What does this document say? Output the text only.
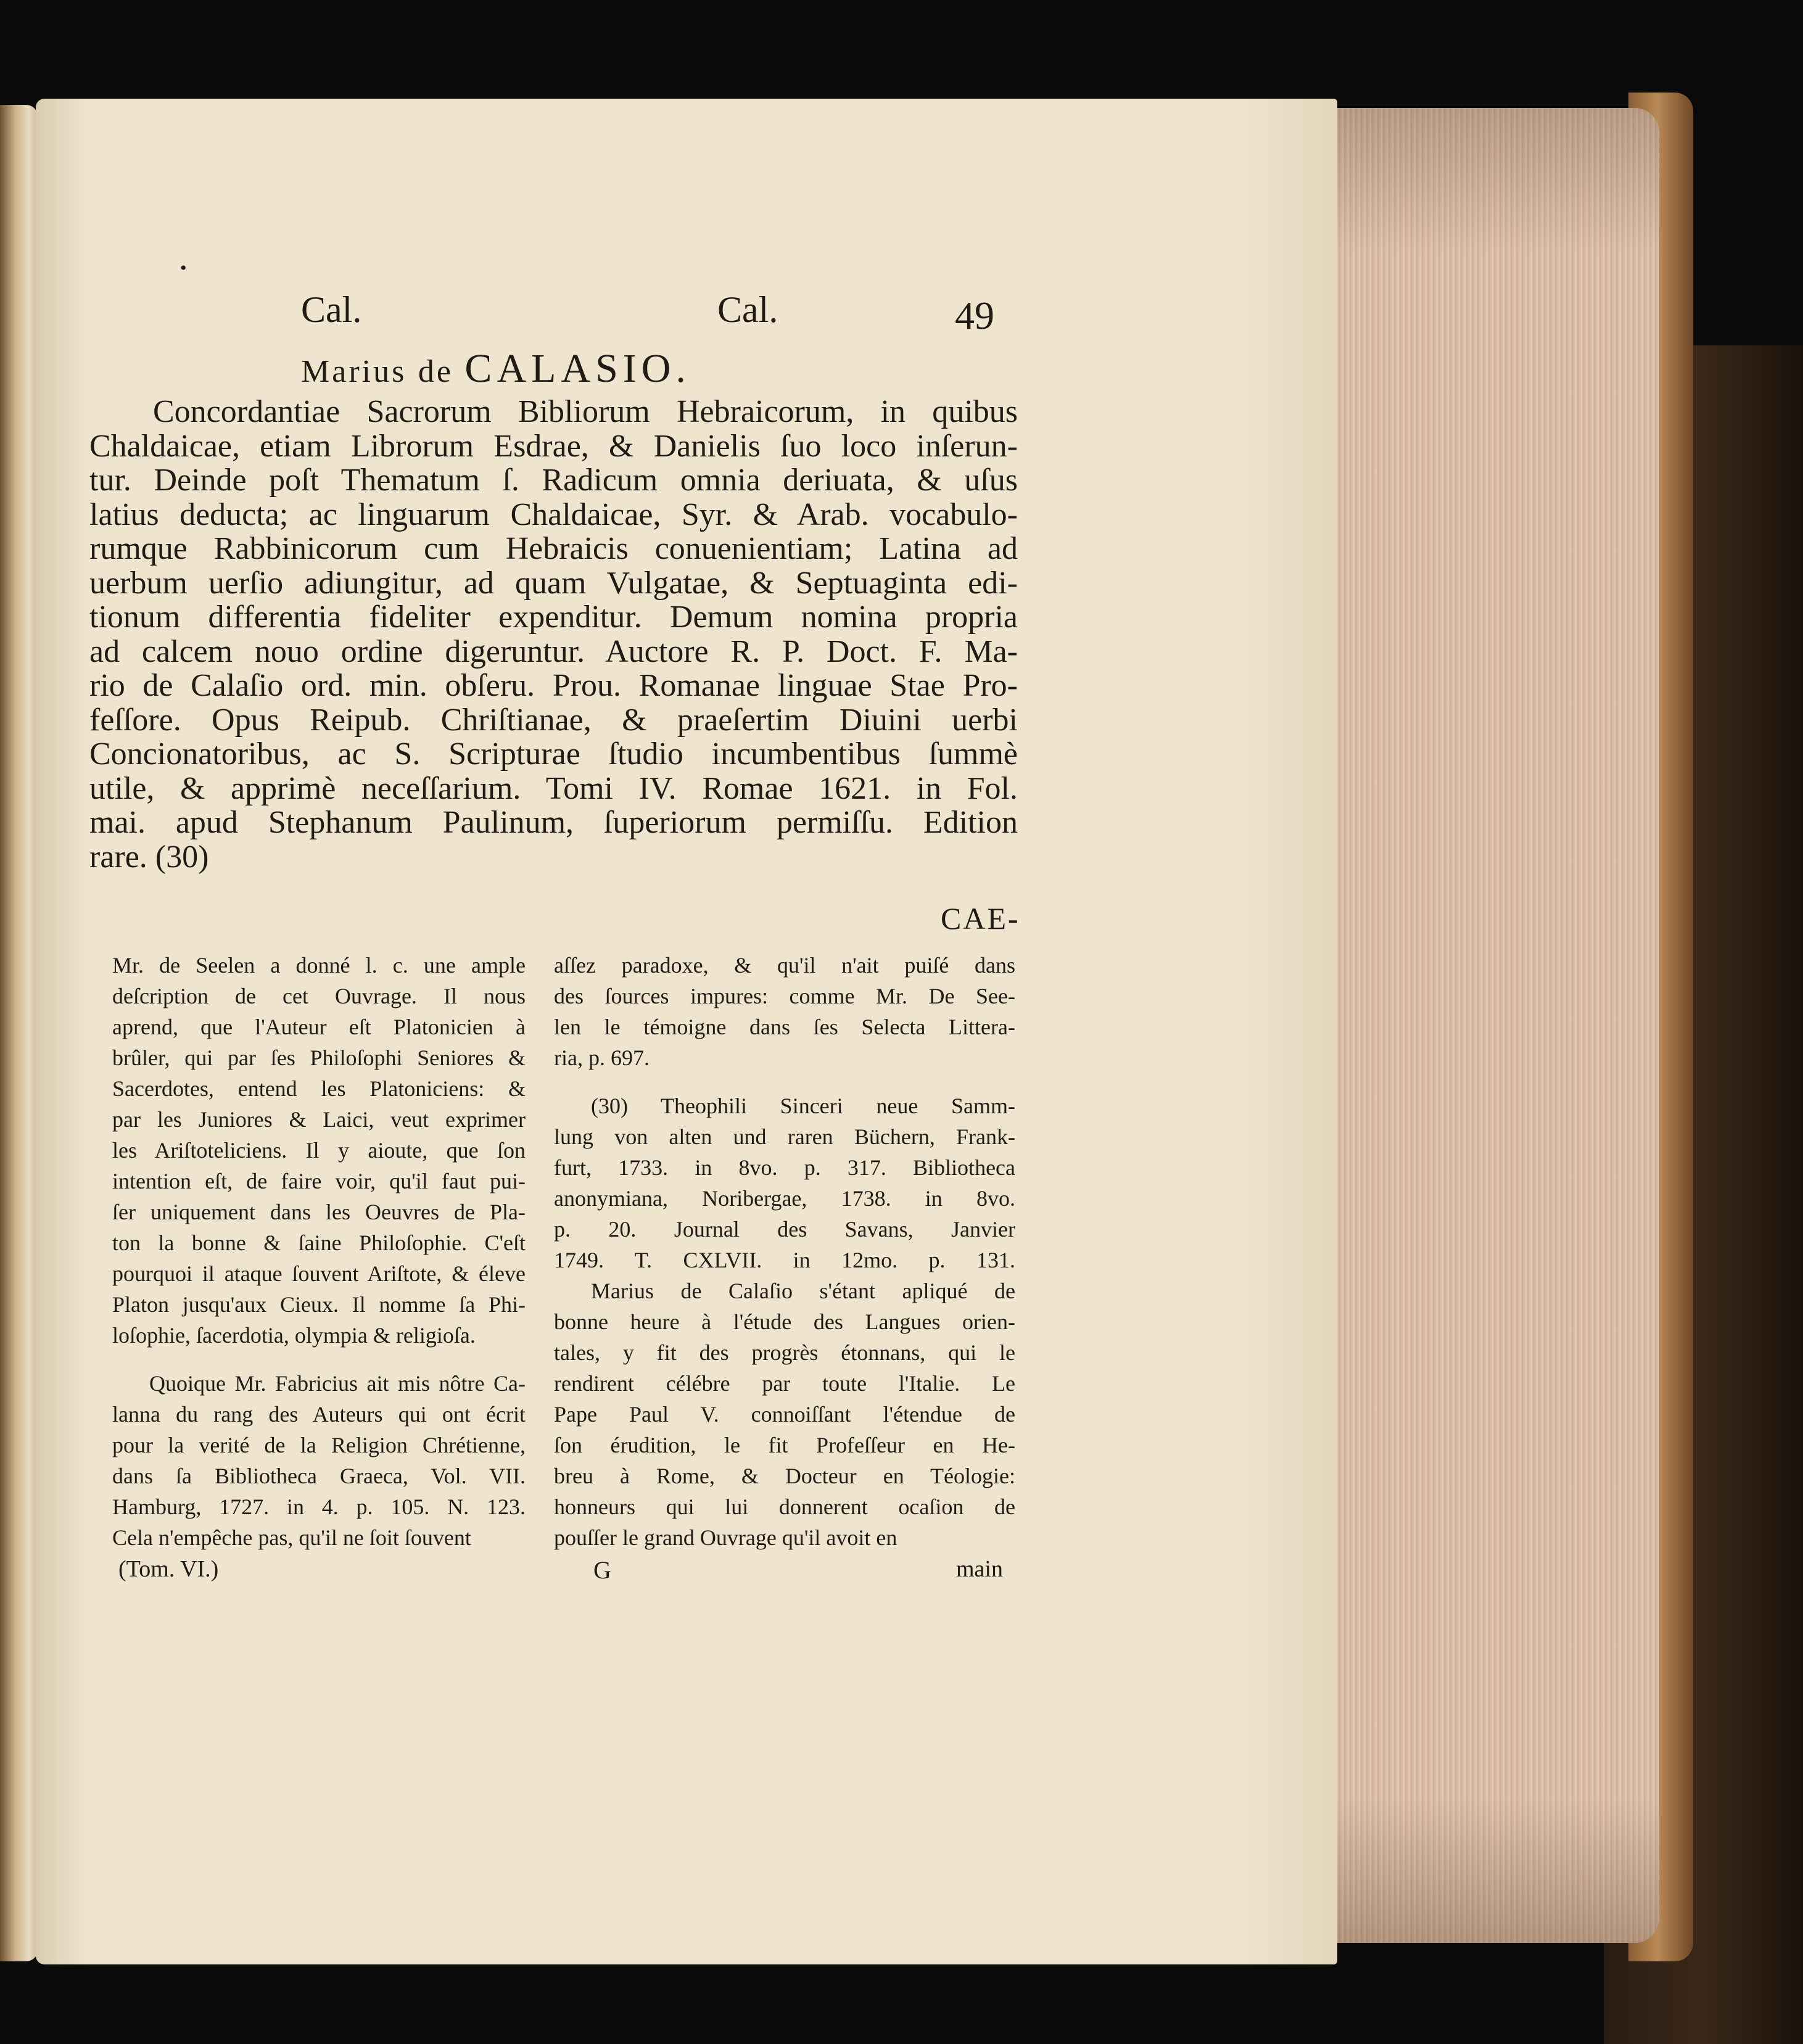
•
Cal.	Cal.	49
Marius de CALASIO.
Concordantiae Sacrorum Bibliorum Hebraicorum, in quibus
Chaldaicae, etiam Librorum Esdrae, & Danielis ſuo loco inſerun-
tur. Deinde poſt Thematum ſ. Radicum omnia deriuata, & uſus
latius deducta; ac linguarum Chaldaicae, Syr. & Arab. vocabulo-
rumque Rabbinicorum cum Hebraicis conuenientiam; Latina ad
uerbum uerſio adiungitur, ad quam Vulgatae, & Septuaginta edi-
tionum differentia fideliter expenditur. Demum nomina propria
ad calcem nouo ordine digeruntur. Auctore R. P. Doct. F. Ma-
rio de Calaſio ord. min. obſeru. Prou. Romanae linguae Stae Pro-
feſſore. Opus Reipub. Chriſtianae, & praeſertim Diuini uerbi
Concionatoribus, ac S. Scripturae ſtudio incumbentibus ſummè
utile, & apprimè neceſſarium. Tomi IV. Romae 1621. in Fol.
mai. apud Stephanum Paulinum, ſuperiorum permiſſu. Edition
rare. (30)
CAE-
Mr. de Seelen a donné l. c. une ample
deſcription de cet Ouvrage. Il nous
aprend, que l'Auteur eſt Platonicien à
brûler, qui par ſes Philoſophi Seniores &
Sacerdotes, entend les Platoniciens: &
par les Juniores & Laici, veut exprimer
les Ariſtoteliciens. Il y aioute, que ſon
intention eſt, de faire voir, qu'il faut pui-
ſer uniquement dans les Oeuvres de Pla-
ton la bonne & ſaine Philoſophie. C'eſt
pourquoi il ataque ſouvent Ariſtote, & éleve
Platon jusqu'aux Cieux. Il nomme ſa Phi-
loſophie, ſacerdotia, olympia & religioſa.
Quoique Mr. Fabricius ait mis nôtre Ca-
lanna du rang des Auteurs qui ont écrit
pour la verité de la Religion Chrétienne,
dans ſa Bibliotheca Graeca, Vol. VII.
Hamburg, 1727. in 4. p. 105. N. 123.
Cela n'empêche pas, qu'il ne ſoit ſouvent
aſſez paradoxe, & qu'il n'ait puiſé dans
des ſources impures: comme Mr. De See-
len le témoigne dans ſes Selecta Littera-
ria, p. 697.
(30) Theophili Sinceri neue Samm-
lung von alten und raren Büchern, Frank-
furt, 1733. in 8vo. p. 317. Bibliotheca
anonymiana, Noribergae, 1738. in 8vo.
p. 20. Journal des Savans, Janvier
1749. T. CXLVII. in 12mo. p. 131.
Marius de Calaſio s'étant apliqué de
bonne heure à l'étude des Langues orien-
tales, y fit des progrès étonnans, qui le
rendirent célébre par toute l'Italie. Le
Pape Paul V. connoiſſant l'étendue de
ſon érudition, le fit Profeſſeur en He-
breu à Rome, & Docteur en Téologie:
honneurs qui lui donnerent ocaſion de
pouſſer le grand Ouvrage qu'il avoit en
(Tom. VI.)	G	main
